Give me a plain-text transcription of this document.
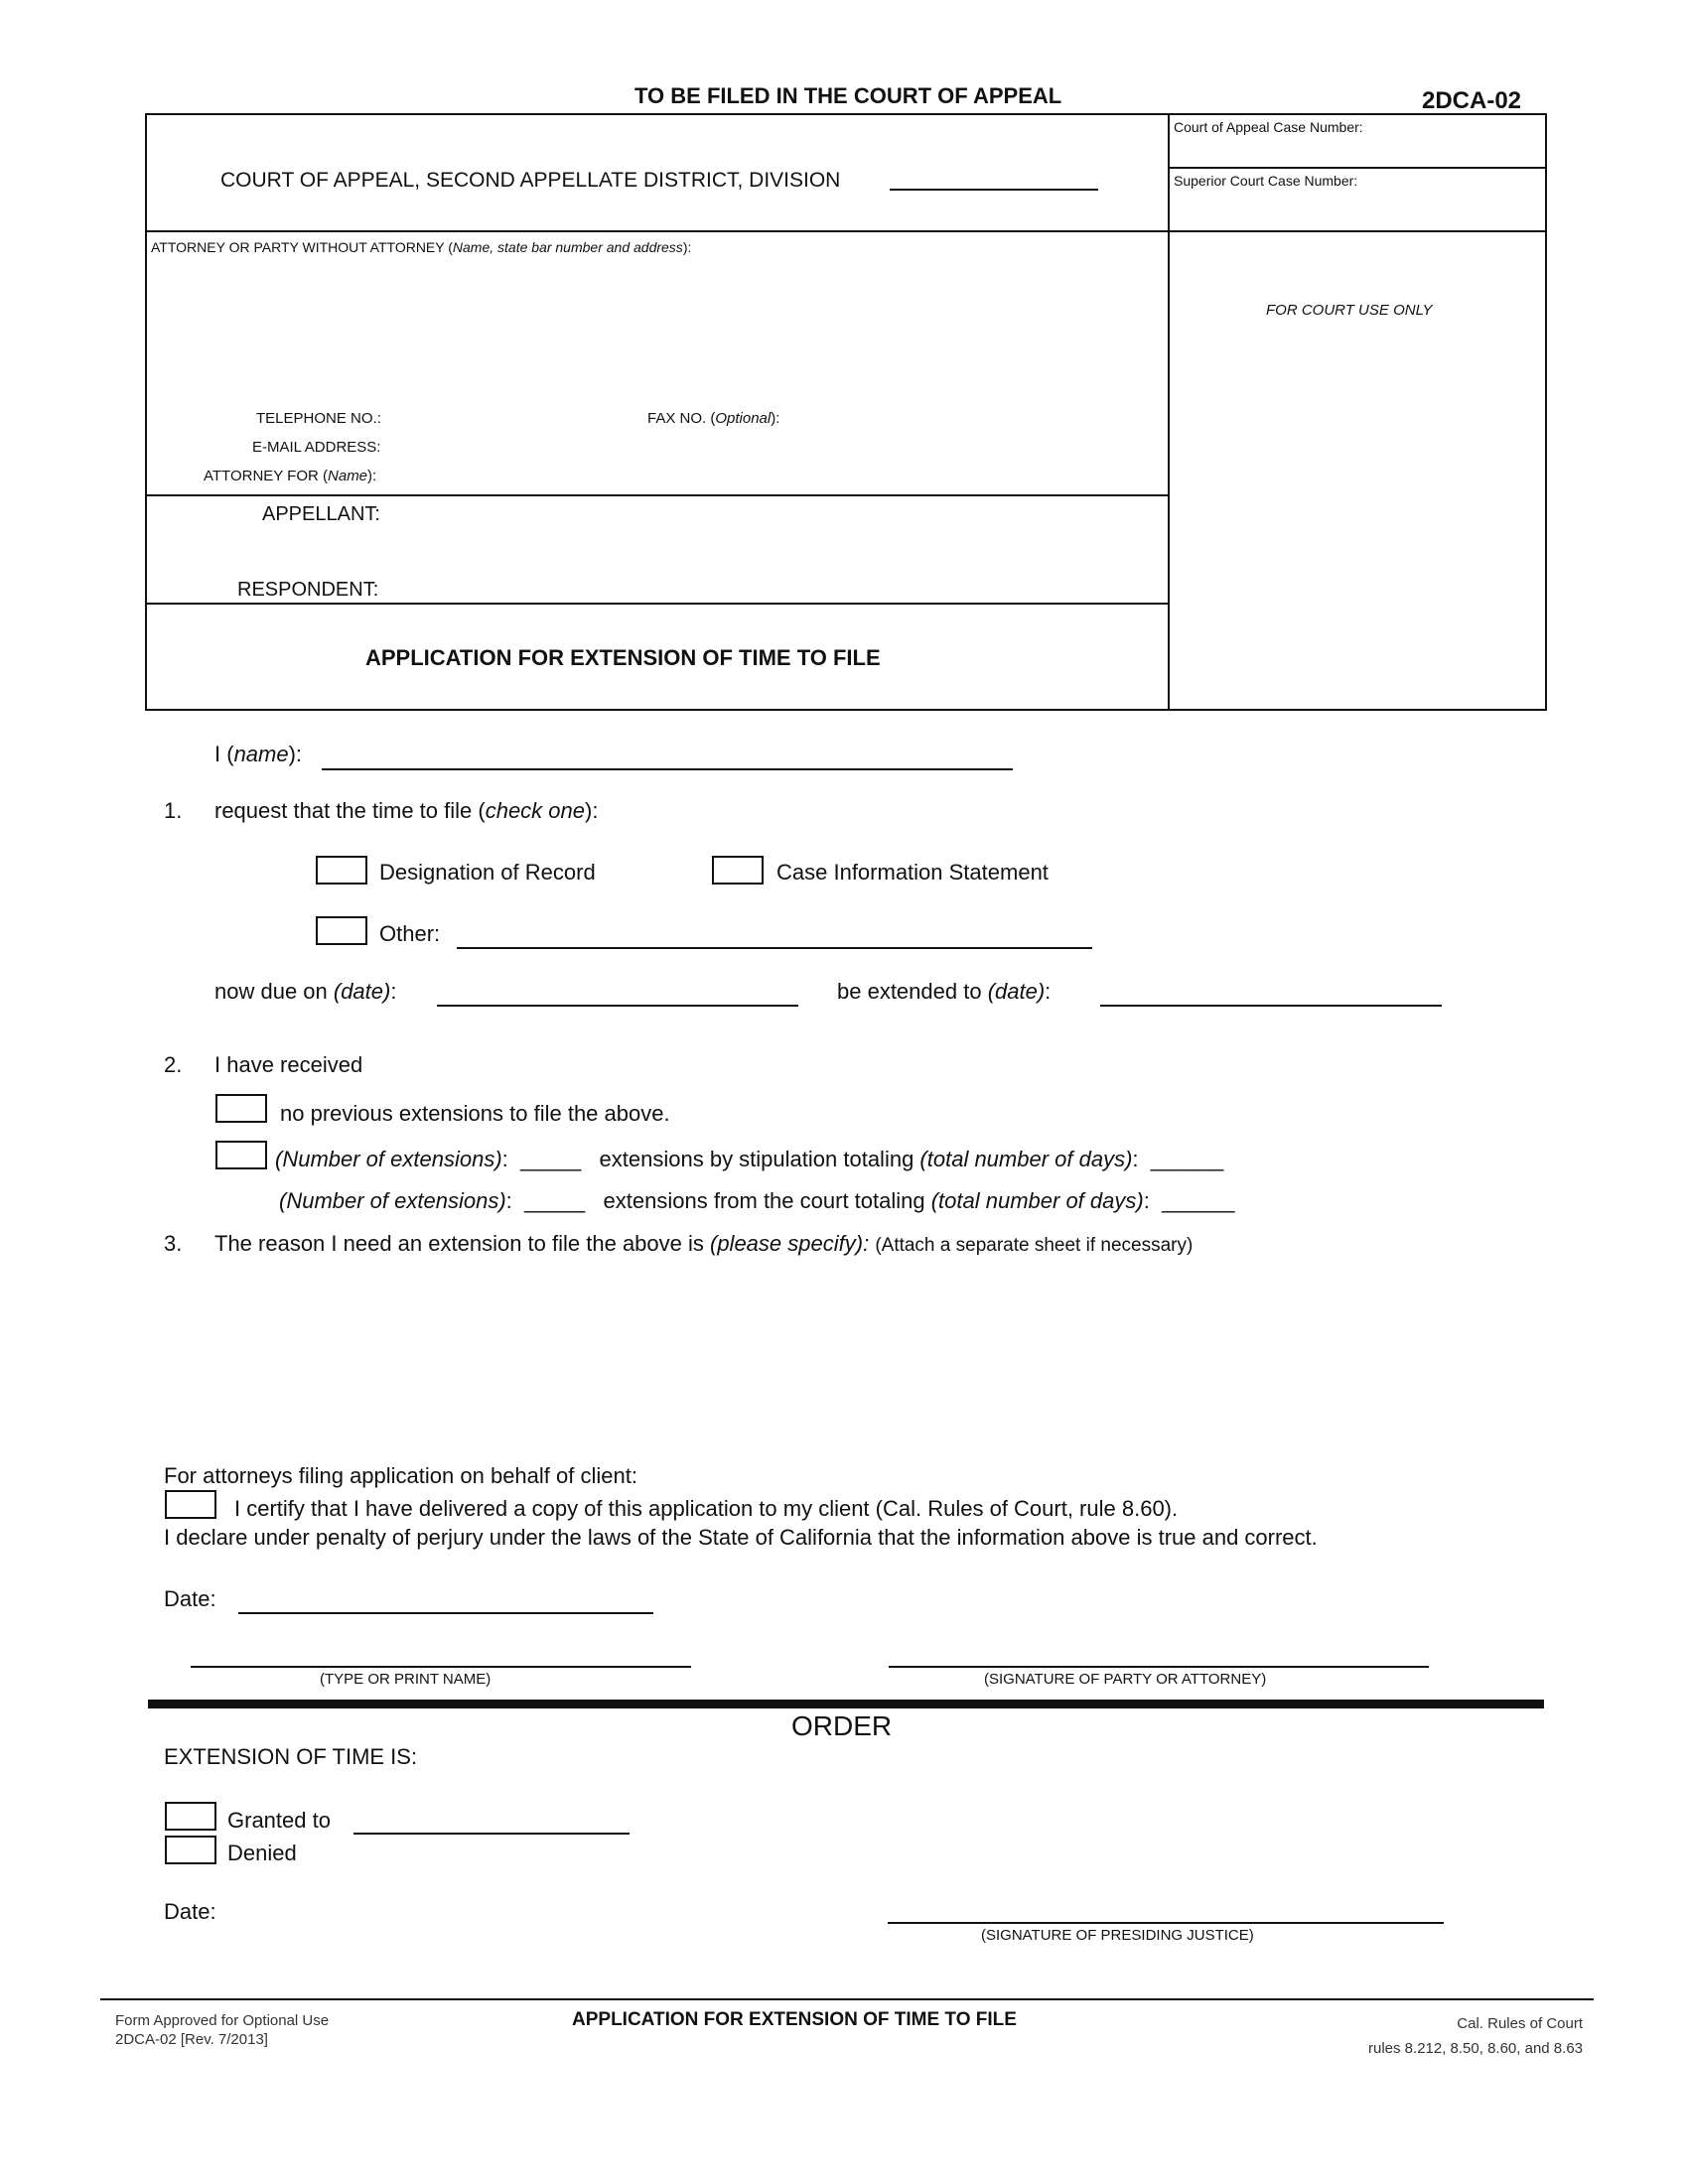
TO BE FILED IN THE COURT OF APPEAL	2DCA-02
COURT OF APPEAL, SECOND APPELLATE DISTRICT, DIVISION
Court of Appeal Case Number:
Superior Court Case Number:
FOR COURT USE ONLY
ATTORNEY OR PARTY WITHOUT ATTORNEY (Name, state bar number and address):
TELEPHONE NO.:	FAX NO. (Optional):
E-MAIL ADDRESS:
ATTORNEY FOR (Name):
APPELLANT:
RESPONDENT:
APPLICATION FOR EXTENSION OF TIME TO FILE
I (name):
1. request that the time to file (check one):
Designation of Record	Case Information Statement
Other:
now due on (date):	be extended to (date):
2. I have received
no previous extensions to file the above.
(Number of extensions): _____ extensions by stipulation totaling (total number of days): ______
(Number of extensions): _____ extensions from the court totaling (total number of days): ______
3. The reason I need an extension to file the above is (please specify): (Attach a separate sheet if necessary)
For attorneys filing application on behalf of client:
I certify that I have delivered a copy of this application to my client (Cal. Rules of Court, rule 8.60).
I declare under penalty of perjury under the laws of the State of California that the information above is true and correct.
Date:
(TYPE OR PRINT NAME)	(SIGNATURE OF PARTY OR ATTORNEY)
ORDER
EXTENSION OF TIME IS:
Granted to
Denied
Date:
(SIGNATURE OF PRESIDING JUSTICE)
Form Approved for Optional Use
2DCA-02 [Rev. 7/2013]
APPLICATION FOR EXTENSION OF TIME TO FILE	Cal. Rules of Court
rules 8.212, 8.50, 8.60, and 8.63
